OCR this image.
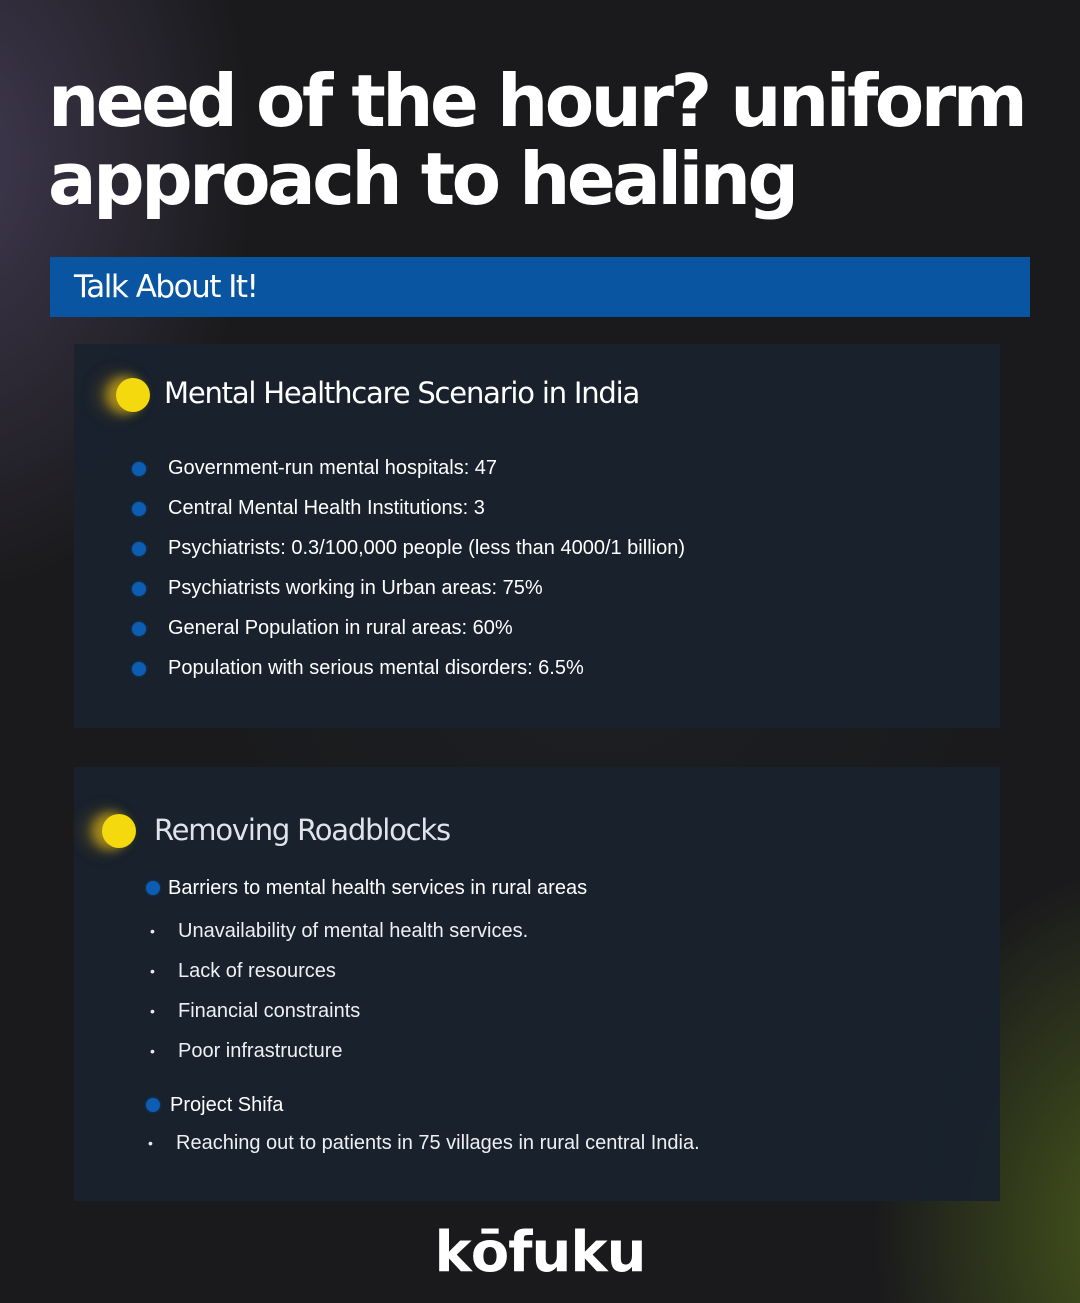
need of the hour? uniform
approach to healing
Talk About It!
Mental Healthcare Scenario in India
Government-run mental hospitals: 47
Central Mental Health Institutions: 3
Psychiatrists: 0.3/100,000 people (less than 4000/1 billion)
Psychiatrists working in Urban areas: 75%
General Population in rural areas: 60%
Population with serious mental disorders: 6.5%
Removing Roadblocks
Barriers to mental health services in rural areas
• Unavailability of mental health services.
• Lack of resources
• Financial constraints
• Poor infrastructure
Project Shifa
• Reaching out to patients in 75 villages in rural central India.
kōfuku
